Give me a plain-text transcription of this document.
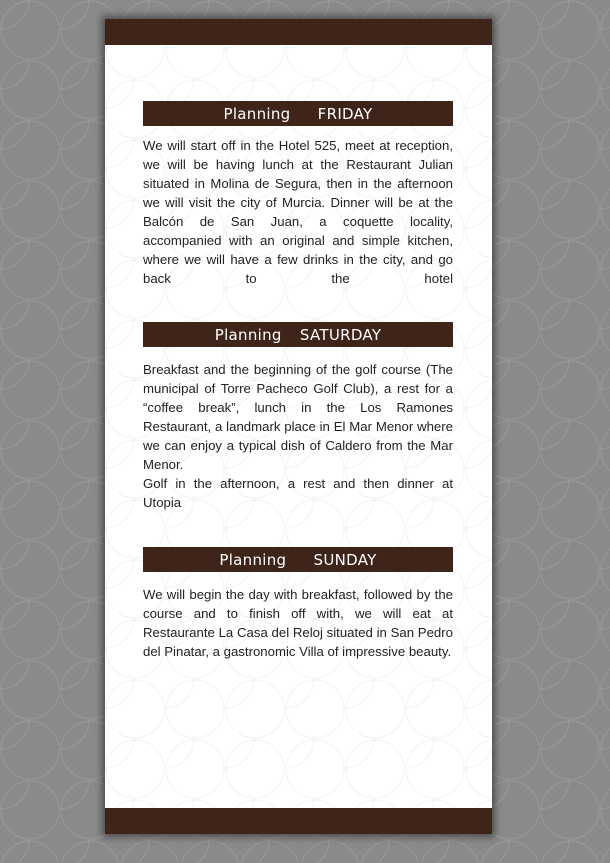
Planning   FRIDAY

We will start off in the Hotel 525, meet at reception, we will be having lunch at the Restaurant Julian situated in Molina de Segura, then in the afternoon we will visit the city of Murcia. Dinner will be at the Balcón de San Juan, a coquette locality, accompanied with an original and simple kitchen, where we will have a few drinks in the city, and go back to the hotel

Planning  SATURDAY

Breakfast and the beginning of the golf course (The municipal of Torre Pacheco Golf Club), a rest for a “coffee break”, lunch in the Los Ramones Restaurant, a landmark place in El Mar Menor where we can enjoy a typical dish of Caldero from the Mar Menor.

Golf in the afternoon, a rest and then dinner at Utopia

Planning   SUNDAY

We will begin the day with breakfast, followed by the course and to finish off with, we will eat at Restaurante La Casa del Reloj situated in San Pedro del Pinatar, a gastronomic Villa of impressive beauty.
